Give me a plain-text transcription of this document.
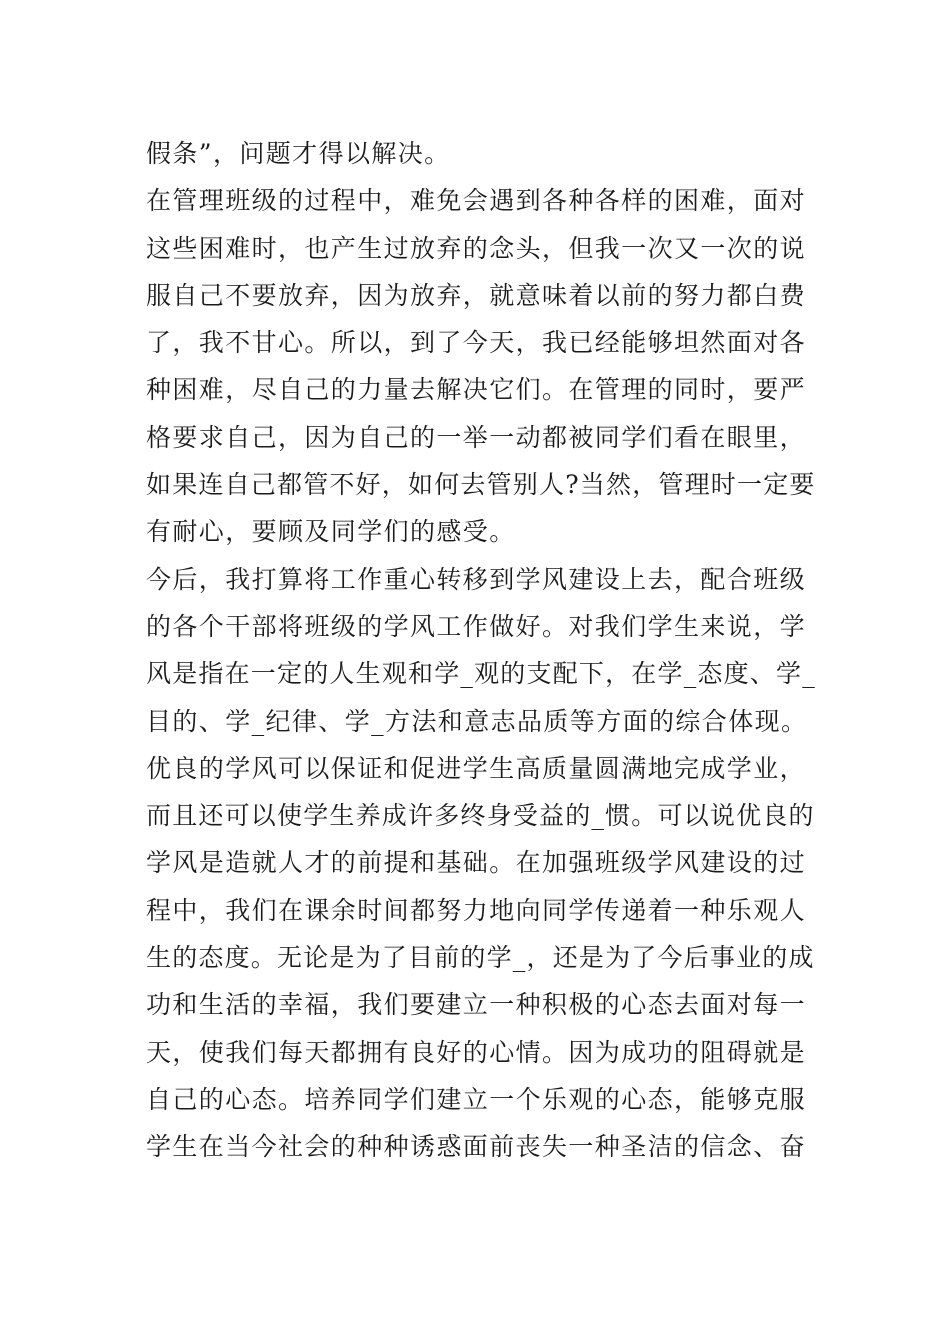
假条”，问题才得以解决。
在管理班级的过程中，难免会遇到各种各样的困难，面对
这些困难时，也产生过放弃的念头，但我一次又一次的说
服自己不要放弃，因为放弃，就意味着以前的努力都白费
了，我不甘心。所以，到了今天，我已经能够坦然面对各
种困难，尽自己的力量去解决它们。在管理的同时，要严
格要求自己，因为自己的一举一动都被同学们看在眼里，
如果连自己都管不好，如何去管别人?当然，管理时一定要
有耐心，要顾及同学们的感受。
今后，我打算将工作重心转移到学风建设上去，配合班级
的各个干部将班级的学风工作做好。对我们学生来说，学
风是指在一定的人生观和学_观的支配下，在学_态度、学_
目的、学_纪律、学_方法和意志品质等方面的综合体现。
优良的学风可以保证和促进学生高质量圆满地完成学业，
而且还可以使学生养成许多终身受益的_惯。可以说优良的
学风是造就人才的前提和基础。在加强班级学风建设的过
程中，我们在课余时间都努力地向同学传递着一种乐观人
生的态度。无论是为了目前的学_，还是为了今后事业的成
功和生活的幸福，我们要建立一种积极的心态去面对每一
天，使我们每天都拥有良好的心情。因为成功的阻碍就是
自己的心态。培养同学们建立一个乐观的心态，能够克服
学生在当今社会的种种诱惑面前丧失一种圣洁的信念、奋
